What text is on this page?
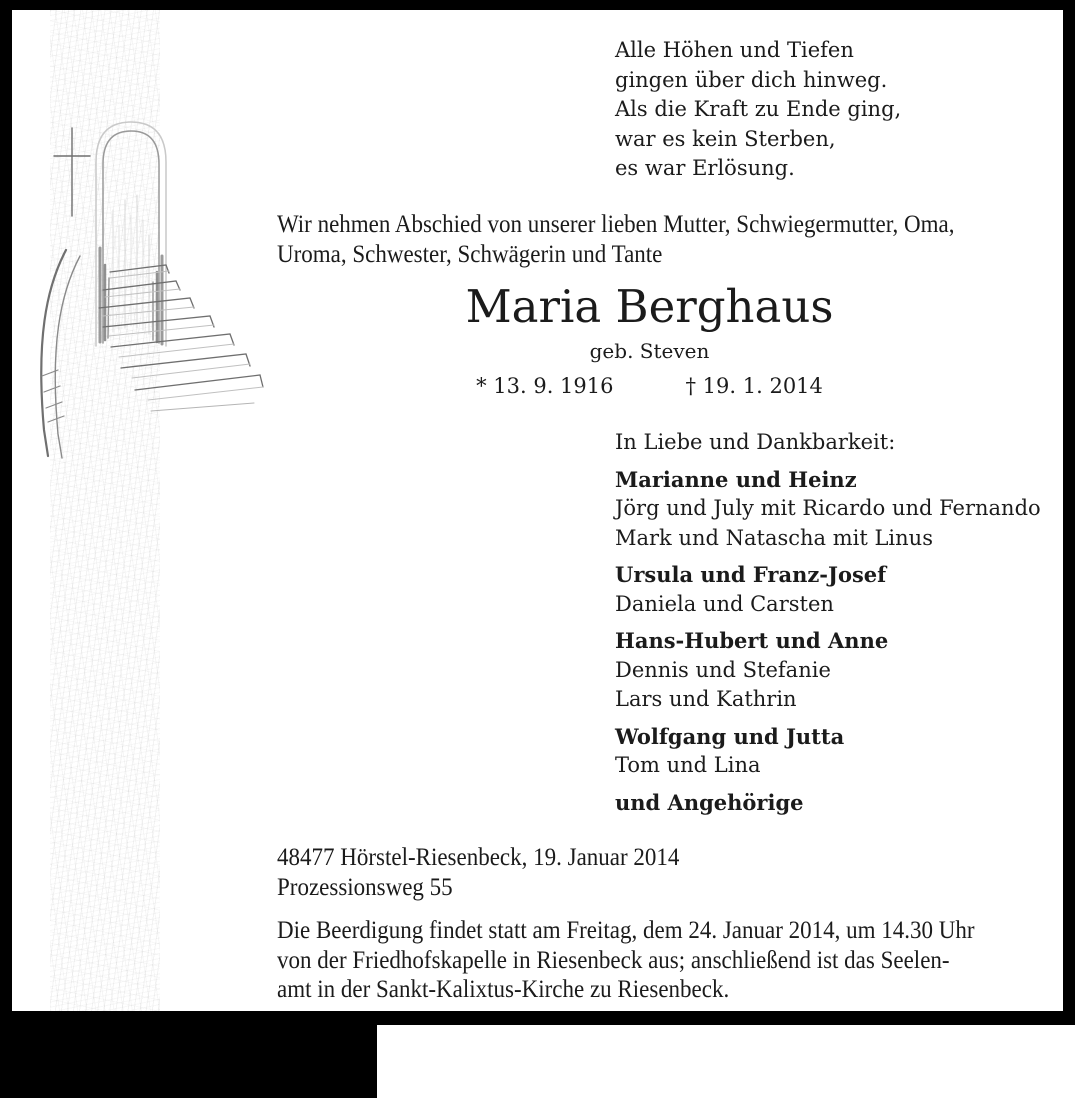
Alle Höhen und Tiefen
gingen über dich hinweg.
Als die Kraft zu Ende ging,
war es kein Sterben,
es war Erlösung.
Wir nehmen Abschied von unserer lieben Mutter, Schwiegermutter, Oma,
Uroma, Schwester, Schwägerin und Tante
Maria Berghaus
geb. Steven
* 13. 9. 1916	† 19. 1. 2014
In Liebe und Dankbarkeit:
Marianne und Heinz
Jörg und July mit Ricardo und Fernando
Mark und Natascha mit Linus
Ursula und Franz-Josef
Daniela und Carsten
Hans-Hubert und Anne
Dennis und Stefanie
Lars und Kathrin
Wolfgang und Jutta
Tom und Lina
und Angehörige
48477 Hörstel-Riesenbeck, 19. Januar 2014
Prozessionsweg 55
Die Beerdigung findet statt am Freitag, dem 24. Januar 2014, um 14.30 Uhr
von der Friedhofskapelle in Riesenbeck aus; anschließend ist das Seelen-
amt in der Sankt-Kalixtus-Kirche zu Riesenbeck.
